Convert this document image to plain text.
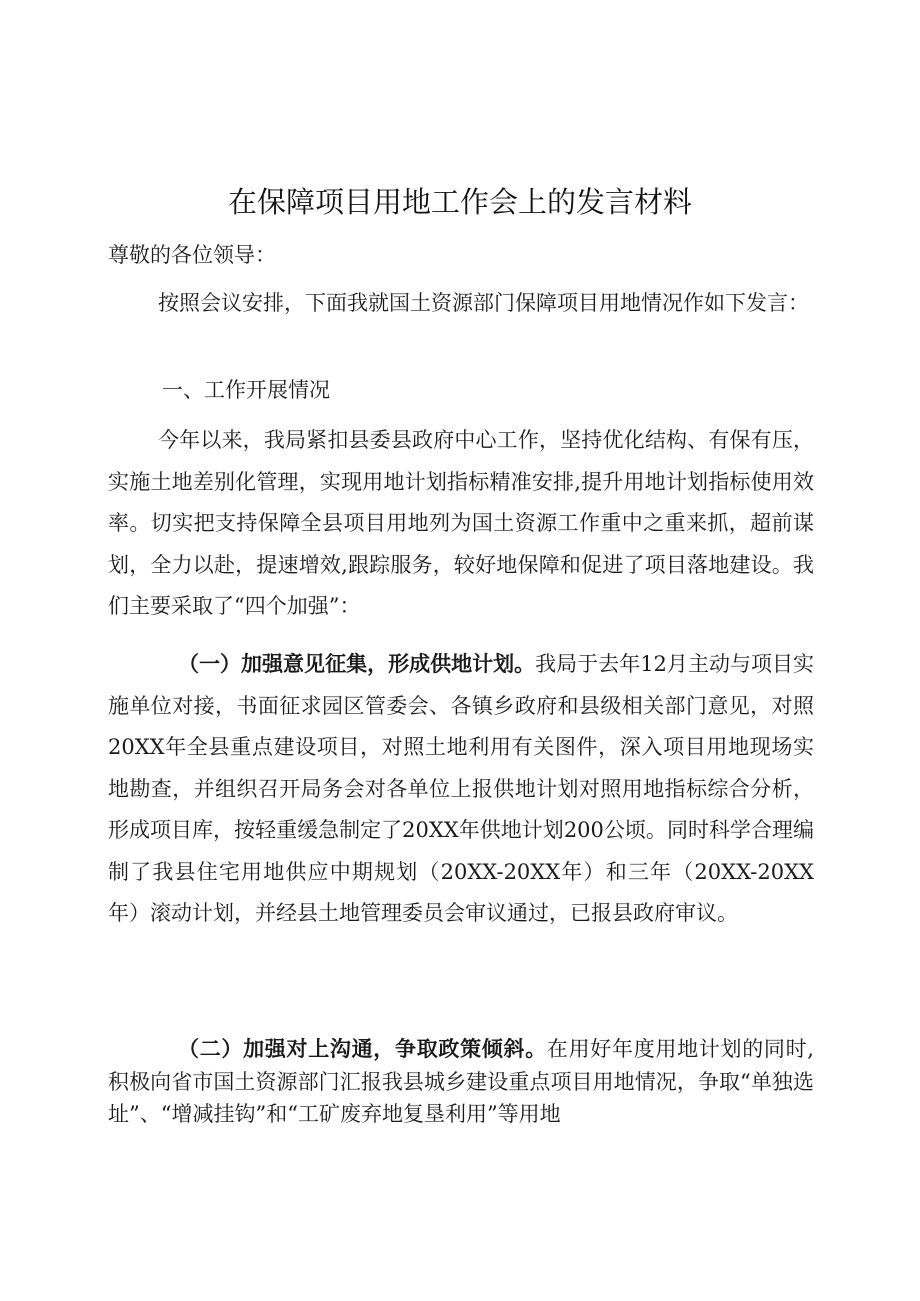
在保障项目用地工作会上的发言材料

尊敬的各位领导：

按照会议安排，下面我就国土资源部门保障项目用地情况作如下发言：

一、工作开展情况

今年以来，我局紧扣县委县政府中心工作，坚持优化结构、有保有压，实施土地差别化管理，实现用地计划指标精准安排,提升用地计划指标使用效率。切实把支持保障全县项目用地列为国土资源工作重中之重来抓，超前谋划，全力以赴，提速增效,跟踪服务，较好地保障和促进了项目落地建设。我们主要采取了“四个加强”：

（一）加强意见征集，形成供地计划。我局于去年12月主动与项目实施单位对接，书面征求园区管委会、各镇乡政府和县级相关部门意见，对照20XX年全县重点建设项目，对照土地利用有关图件，深入项目用地现场实地勘查，并组织召开局务会对各单位上报供地计划对照用地指标综合分析，形成项目库，按轻重缓急制定了20XX年供地计划200公顷。同时科学合理编制了我县住宅用地供应中期规划（20XX-20XX年）和三年（20XX-20XX年）滚动计划，并经县土地管理委员会审议通过，已报县政府审议。

（二）加强对上沟通，争取政策倾斜。在用好年度用地计划的同时,积极向省市国土资源部门汇报我县城乡建设重点项目用地情况，争取“单独选址”、“增减挂钩”和“工矿废弃地复垦利用”等用地
